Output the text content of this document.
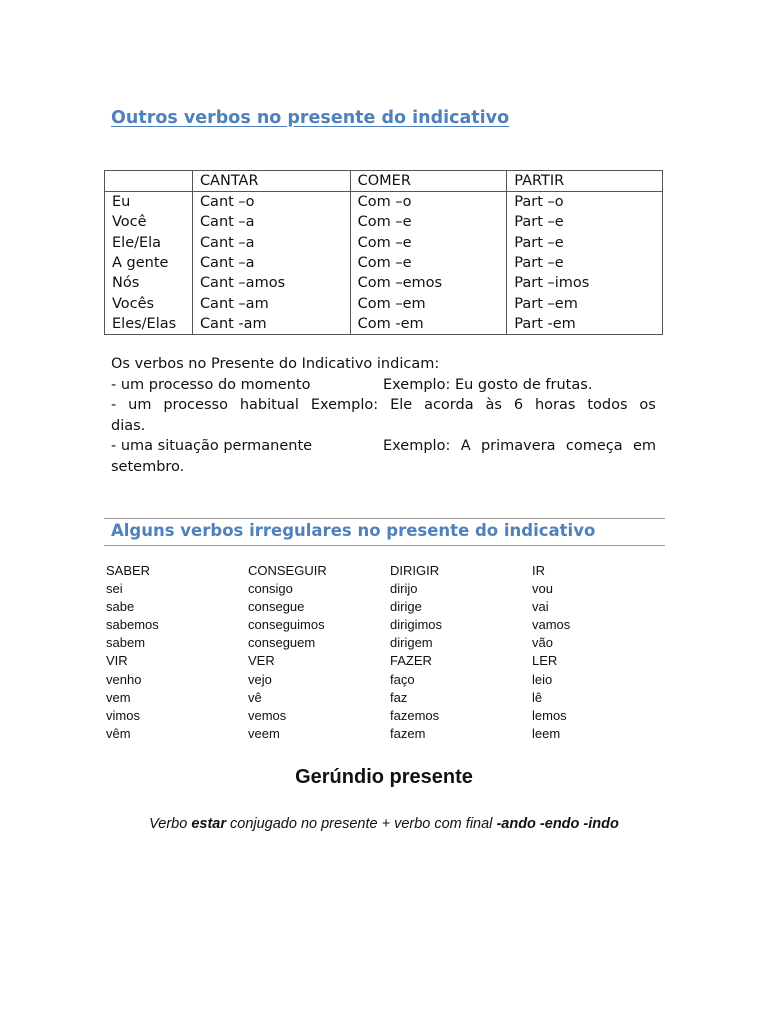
Outros verbos no presente do indicativo
	CANTAR	COMER	PARTIR
Eu	Cant –o	Com –o	Part –o
Você	Cant –a	Com –e	Part –e
Ele/Ela	Cant –a	Com –e	Part –e
A gente	Cant –a	Com –e	Part –e
Nós	Cant –amos	Com –emos	Part –imos
Vocês	Cant –am	Com –em	Part –em
Eles/Elas	Cant -am	Com -em	Part -em
Os verbos no Presente do Indicativo indicam:
- um processo do momento	Exemplo: Eu gosto de frutas.
- um processo habitual Exemplo: Ele acorda às 6 horas todos os
dias.
- uma situação permanente	Exemplo: A primavera começa em
setembro.
Alguns verbos irregulares no presente do indicativo
SABER	CONSEGUIR	DIRIGIR	IR
sei	consigo	dirijo	vou
sabe	consegue	dirige	vai
sabemos	conseguimos	dirigimos	vamos
sabem	conseguem	dirigem	vão
VIR	VER	FAZER	LER
venho	vejo	faço	leio
vem	vê	faz	lê
vimos	vemos	fazemos	lemos
vêm	veem	fazem	leem
Gerúndio presente
Verbo estar conjugado no presente + verbo com final -ando -endo -indo
